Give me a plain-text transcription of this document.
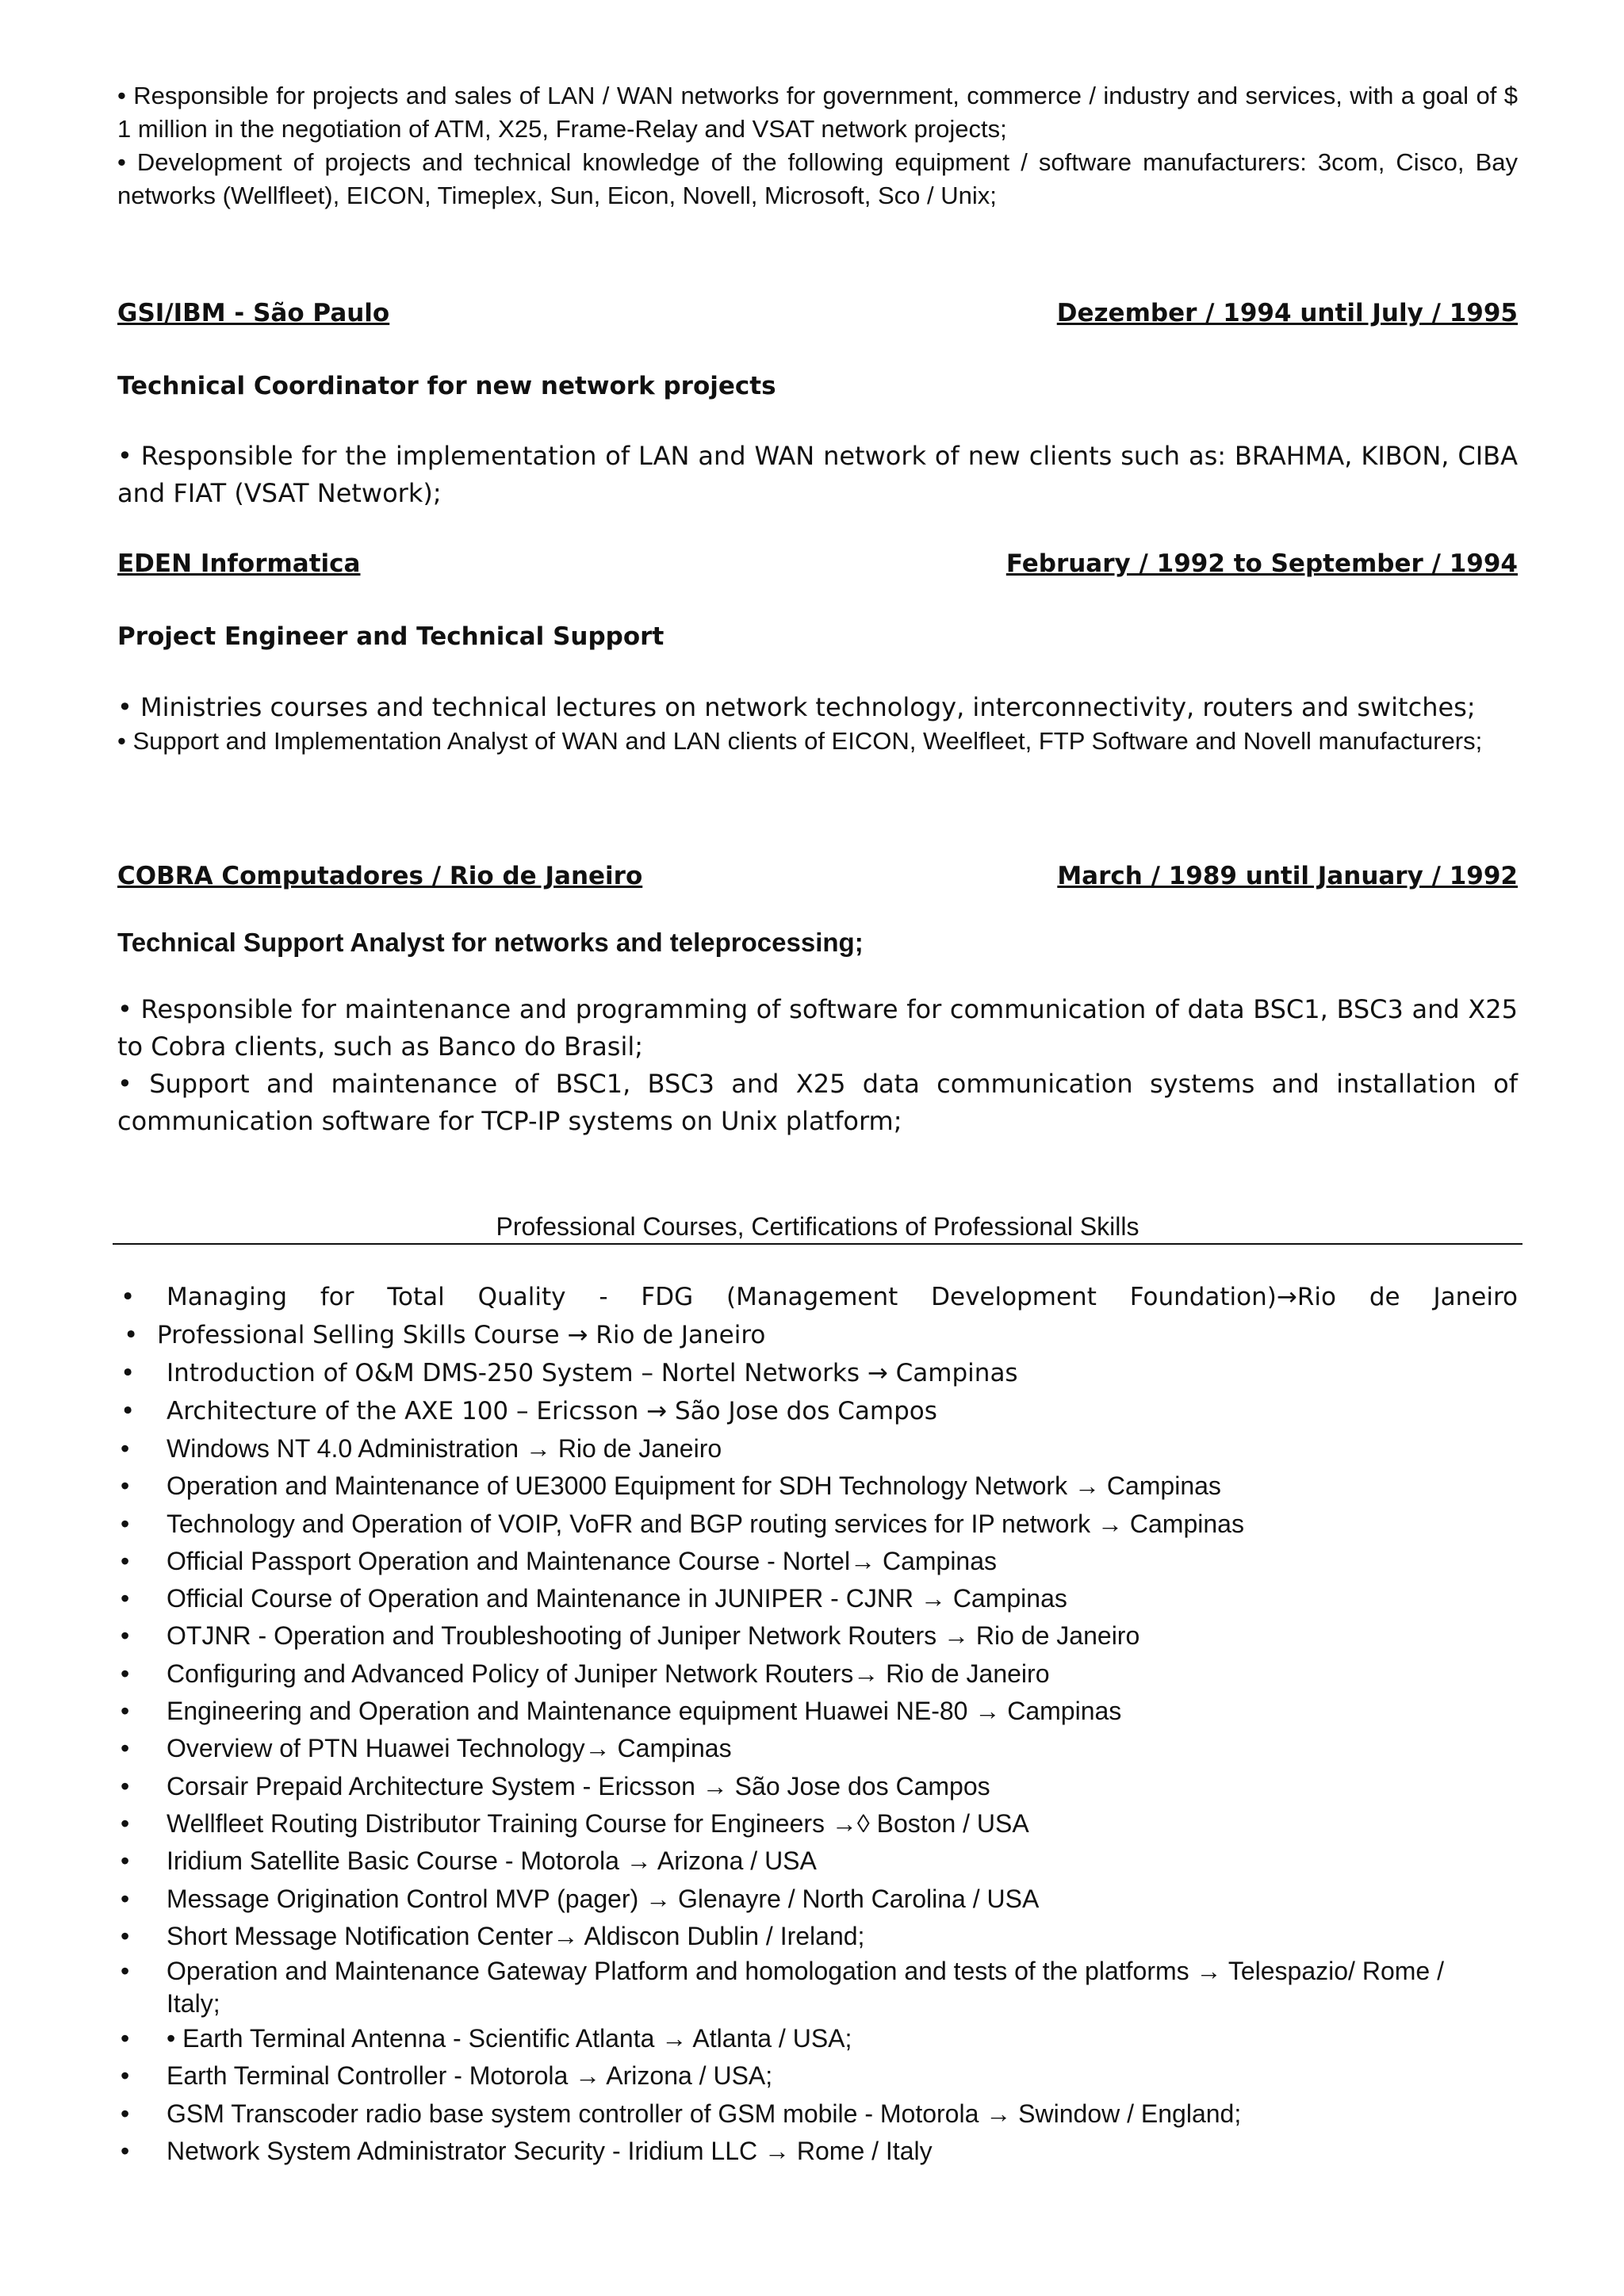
• Responsible for projects and sales of LAN / WAN networks for government, commerce / industry and services, with a goal of $ 1 million in the negotiation of ATM, X25, Frame-Relay and VSAT network projects;

• Development of projects and technical knowledge of the following equipment / software manufacturers: 3com, Cisco, Bay networks (Wellfleet), EICON, Timeplex, Sun, Eicon, Novell, Microsoft, Sco / Unix;

GSI/IBM - São Paulo	Dezember / 1994 until July / 1995

Technical Coordinator for new network projects

• Responsible for the implementation of LAN and WAN network of new clients such as: BRAHMA, KIBON, CIBA and FIAT (VSAT Network);

EDEN Informatica	February / 1992 to September / 1994

Project Engineer and Technical Support

• Ministries courses and technical lectures on network technology, interconnectivity, routers and switches;

• Support and Implementation Analyst of WAN and LAN clients of EICON, Weelfleet, FTP Software and Novell manufacturers;

COBRA Computadores / Rio de Janeiro	March / 1989 until January / 1992

Technical Support Analyst for networks and teleprocessing;

• Responsible for maintenance and programming of software for communication of data BSC1, BSC3 and X25 to Cobra clients, such as Banco do Brasil;

• Support and maintenance of BSC1, BSC3 and X25 data communication systems and installation of communication software for TCP-IP systems on Unix platform;

Professional Courses, Certifications of Professional Skills

•	Managing for Total Quality - FDG (Management Development Foundation)→Rio de Janeiro
• Professional Selling Skills Course → Rio de Janeiro
•	Introduction of O&M DMS-250 System – Nortel Networks → Campinas
•	Architecture of the AXE 100 – Ericsson → São Jose dos Campos
•	Windows NT 4.0 Administration → Rio de Janeiro
•	Operation and Maintenance of UE3000 Equipment for SDH Technology Network → Campinas
•	Technology and Operation of VOIP, VoFR and BGP routing services for IP network → Campinas
•	Official Passport Operation and Maintenance Course - Nortel→ Campinas
•	Official Course of Operation and Maintenance in JUNIPER - CJNR → Campinas
•	OTJNR - Operation and Troubleshooting of Juniper Network Routers → Rio de Janeiro
•	Configuring and Advanced Policy of Juniper Network Routers→ Rio de Janeiro
•	Engineering and Operation and Maintenance equipment Huawei NE-80 → Campinas
•	Overview of PTN Huawei Technology→ Campinas
•	Corsair Prepaid Architecture System - Ericsson → São Jose dos Campos
•	Wellfleet Routing Distributor Training Course for Engineers →◊ Boston / USA
•	Iridium Satellite Basic Course - Motorola → Arizona / USA
•	Message Origination Control MVP (pager) → Glenayre / North Carolina / USA
•	Short Message Notification Center→ Aldiscon Dublin / Ireland;
•	Operation and Maintenance Gateway Platform and homologation and tests of the platforms → Telespazio/ Rome / Italy;
•	• Earth Terminal Antenna - Scientific Atlanta → Atlanta / USA;
•	Earth Terminal Controller - Motorola → Arizona / USA;
•	GSM Transcoder radio base system controller of GSM mobile - Motorola → Swindow / England;
•	Network System Administrator Security - Iridium LLC → Rome / Italy
